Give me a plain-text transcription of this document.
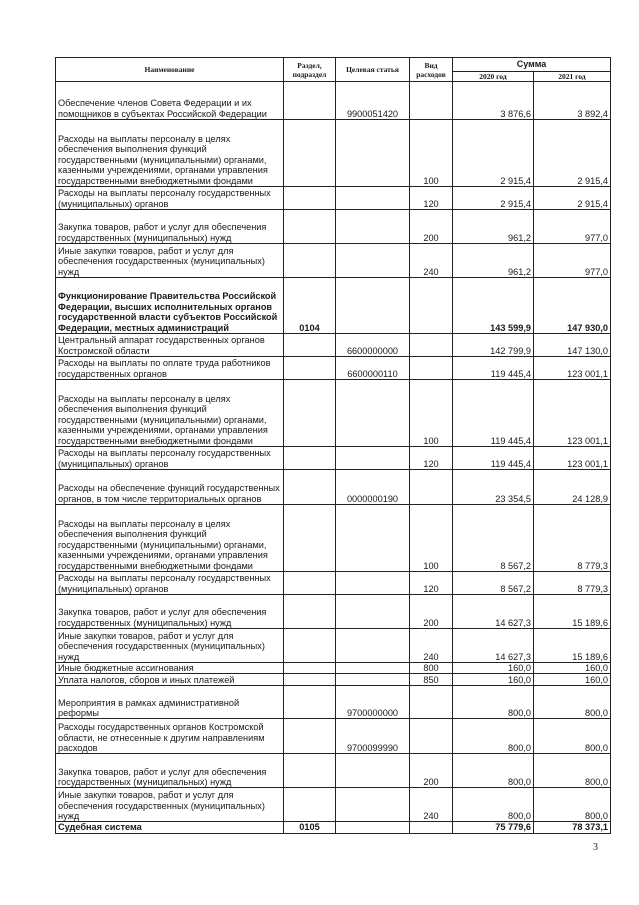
Наименование	Раздел, подраздел	Целевая статья	Вид расходов	Сумма	
				2020 год	2021 год
Обеспечение членов Совета Федерации и их помощников в субъектах Российской Федерации		9900051420		3 876,6	3 892,4
Расходы на выплаты персоналу в целях обеспечения выполнения функций государственными (муниципальными) органами, казенными учреждениями, органами управления государственными внебюджетными фондами			100	2 915,4	2 915,4
Расходы на выплаты персоналу государственных (муниципальных) органов			120	2 915,4	2 915,4
Закупка товаров, работ и услуг для обеспечения государственных (муниципальных) нужд			200	961,2	977,0
Иные закупки товаров, работ и услуг для обеспечения государственных (муниципальных) нужд			240	961,2	977,0
Функционирование Правительства Российской Федерации, высших исполнительных органов государственной власти субъектов Российской Федерации, местных администраций	0104			143 599,9	147 930,0
Центральный аппарат государственных органов Костромской области		6600000000		142 799,9	147 130,0
Расходы на выплаты по оплате труда работников государственных органов		6600000110		119 445,4	123 001,1
Расходы на выплаты персоналу в целях обеспечения выполнения функций государственными (муниципальными) органами, казенными учреждениями, органами управления государственными внебюджетными фондами			100	119 445,4	123 001,1
Расходы на выплаты персоналу государственных (муниципальных) органов			120	119 445,4	123 001,1
Расходы на обеспечение функций государственных органов, в том числе территориальных органов		0000000190		23 354,5	24 128,9
Расходы на выплаты персоналу в целях обеспечения выполнения функций государственными (муниципальными) органами, казенными учреждениями, органами управления государственными внебюджетными фондами			100	8 567,2	8 779,3
Расходы на выплаты персоналу государственных (муниципальных) органов			120	8 567,2	8 779,3
Закупка товаров, работ и услуг для обеспечения государственных (муниципальных) нужд			200	14 627,3	15 189,6
Иные закупки товаров, работ и услуг для обеспечения государственных (муниципальных) нужд			240	14 627,3	15 189,6
Иные бюджетные ассигнования			800	160,0	160,0
Уплата налогов, сборов и иных платежей			850	160,0	160,0
Мероприятия в рамках административной реформы		9700000000		800,0	800,0
Расходы государственных органов Костромской области, не отнесенные к другим направлениям расходов		9700099990		800,0	800,0
Закупка товаров, работ и услуг для обеспечения государственных (муниципальных) нужд			200	800,0	800,0
Иные закупки товаров, работ и услуг для обеспечения государственных (муниципальных) нужд			240	800,0	800,0
Судебная система	0105			75 779,6	78 373,1
3
